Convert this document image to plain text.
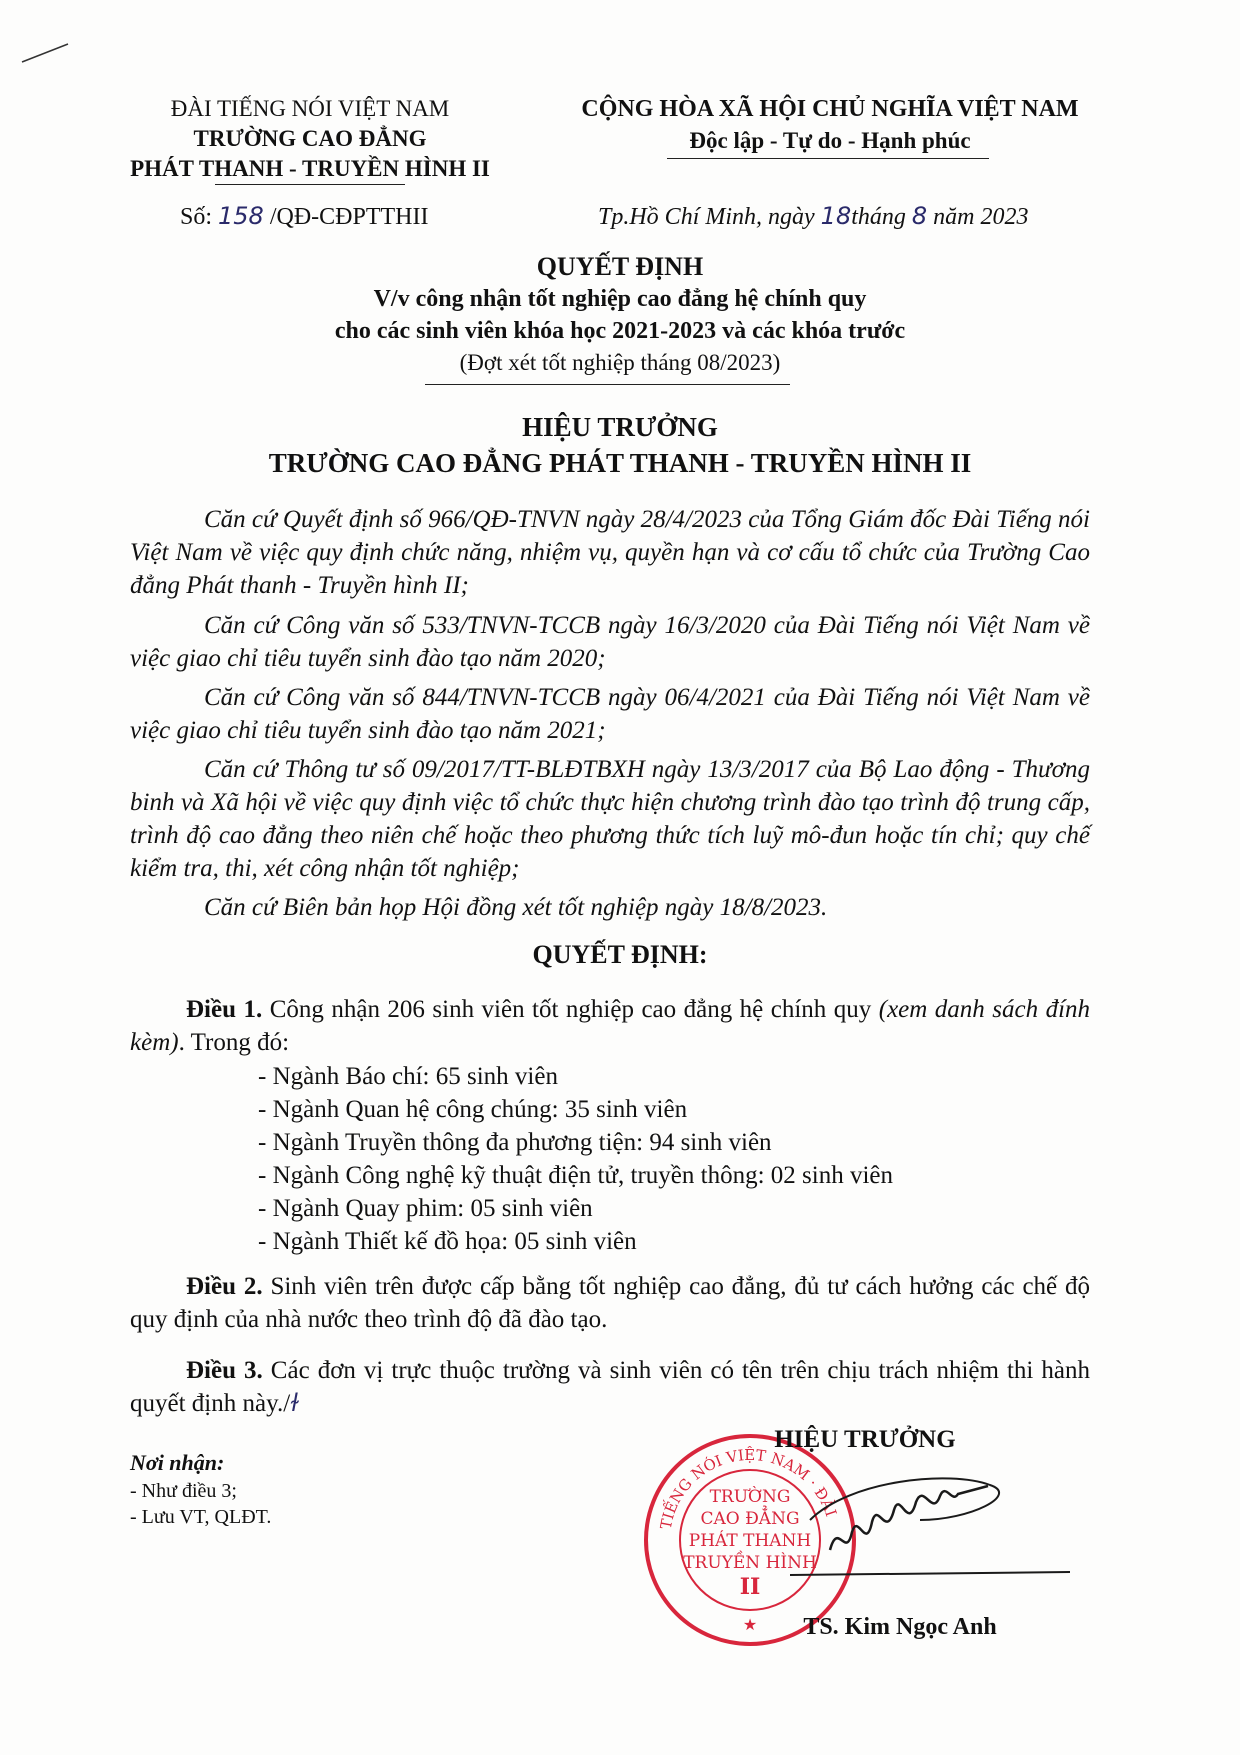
ĐÀI TIẾNG NÓI VIỆT NAM
TRƯỜNG CAO ĐẲNG
PHÁT THANH - TRUYỀN HÌNH II
CỘNG HÒA XÃ HỘI CHỦ NGHĨA VIỆT NAM
Độc lập - Tự do - Hạnh phúc
Số: 158 /QĐ-CĐPTTHII	Tp.Hồ Chí Minh, ngày 18tháng 8 năm 2023
QUYẾT ĐỊNH
V/v công nhận tốt nghiệp cao đẳng hệ chính quy
cho các sinh viên khóa học 2021-2023 và các khóa trước
(Đợt xét tốt nghiệp tháng 08/2023)
HIỆU TRƯỞNG
TRƯỜNG CAO ĐẲNG PHÁT THANH - TRUYỀN HÌNH II
Căn cứ Quyết định số 966/QĐ-TNVN ngày 28/4/2023 của Tổng Giám đốc Đài Tiếng nói Việt Nam về việc quy định chức năng, nhiệm vụ, quyền hạn và cơ cấu tổ chức của Trường Cao đẳng Phát thanh - Truyền hình II;
Căn cứ Công văn số 533/TNVN-TCCB ngày 16/3/2020 của Đài Tiếng nói Việt Nam về việc giao chỉ tiêu tuyển sinh đào tạo năm 2020;
Căn cứ Công văn số 844/TNVN-TCCB ngày 06/4/2021 của Đài Tiếng nói Việt Nam về việc giao chỉ tiêu tuyển sinh đào tạo năm 2021;
Căn cứ Thông tư số 09/2017/TT-BLĐTBXH ngày 13/3/2017 của Bộ Lao động - Thương binh và Xã hội về việc quy định việc tổ chức thực hiện chương trình đào tạo trình độ trung cấp, trình độ cao đẳng theo niên chế hoặc theo phương thức tích luỹ mô-đun hoặc tín chỉ; quy chế kiểm tra, thi, xét công nhận tốt nghiệp;
Căn cứ Biên bản họp Hội đồng xét tốt nghiệp ngày 18/8/2023.
QUYẾT ĐỊNH:
Điều 1. Công nhận 206 sinh viên tốt nghiệp cao đẳng hệ chính quy (xem danh sách đính kèm). Trong đó:
- Ngành Báo chí: 65 sinh viên
- Ngành Quan hệ công chúng: 35 sinh viên
- Ngành Truyền thông đa phương tiện: 94 sinh viên
- Ngành Công nghệ kỹ thuật điện tử, truyền thông: 02 sinh viên
- Ngành Quay phim: 05 sinh viên
- Ngành Thiết kế đồ họa: 05 sinh viên
Điều 2. Sinh viên trên được cấp bằng tốt nghiệp cao đẳng, đủ tư cách hưởng các chế độ quy định của nhà nước theo trình độ đã đào tạo.
Điều 3. Các đơn vị trực thuộc trường và sinh viên có tên trên chịu trách nhiệm thi hành quyết định này./ɫ
Nơi nhận:
- Như điều 3;
- Lưu VT, QLĐT.	TIẾNG NÓI VIỆT NAM · ĐÀI
TRƯỜNG
CAO ĐẲNG
PHÁT THANH
TRUYỀN HÌNH
II
★
HIỆU TRƯỞNG
TS. Kim Ngọc Anh
